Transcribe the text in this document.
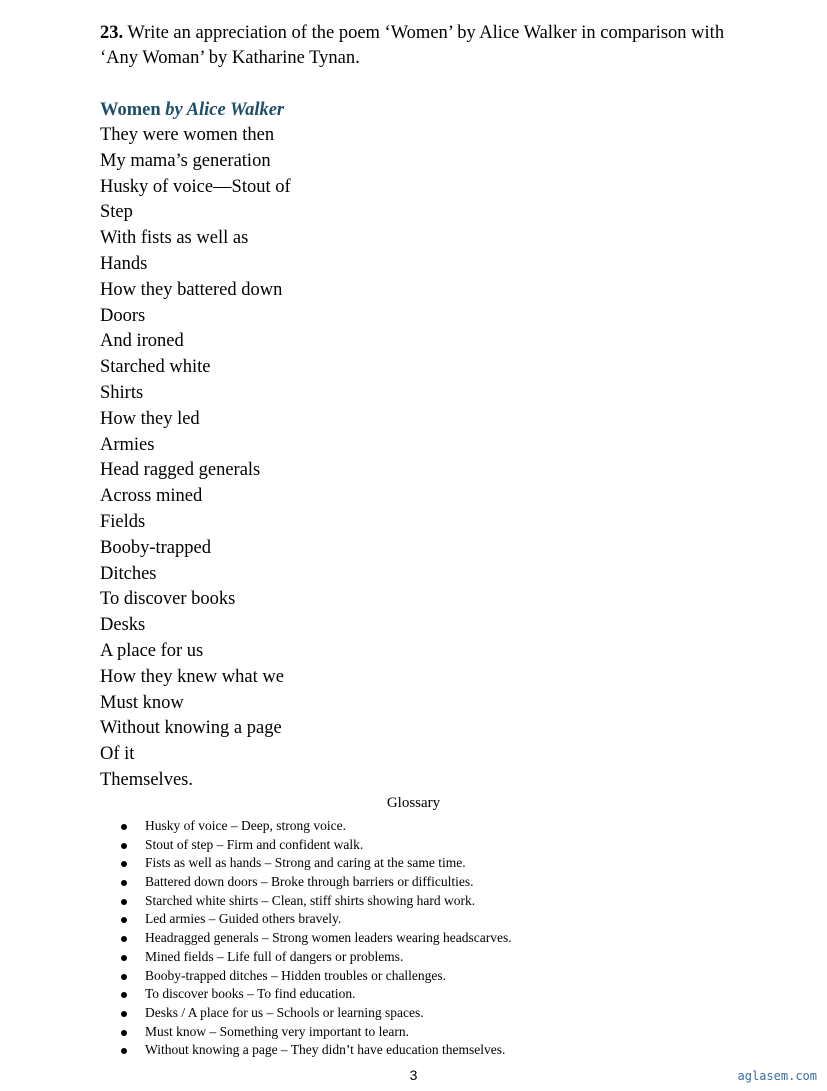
23. Write an appreciation of the poem ‘Women’ by Alice Walker in comparison with ‘Any Woman’ by Katharine Tynan.
Women by Alice Walker
They were women then
My mama’s generation
Husky of voice—Stout of
Step
With fists as well as
Hands
How they battered down
Doors
And ironed
Starched white
Shirts
How they led
Armies
Head ragged generals
Across mined
Fields
Booby-trapped
Ditches
To discover books
Desks
A place for us
How they knew what we
Must know
Without knowing a page
Of it
Themselves.
Glossary
Husky of voice – Deep, strong voice.
Stout of step – Firm and confident walk.
Fists as well as hands – Strong and caring at the same time.
Battered down doors – Broke through barriers or difficulties.
Starched white shirts – Clean, stiff shirts showing hard work.
Led armies – Guided others bravely.
Headragged generals – Strong women leaders wearing headscarves.
Mined fields – Life full of dangers or problems.
Booby-trapped ditches – Hidden troubles or challenges.
To discover books – To find education.
Desks / A place for us – Schools or learning spaces.
Must know – Something very important to learn.
Without knowing a page – They didn’t have education themselves.
3	aglasem.com
